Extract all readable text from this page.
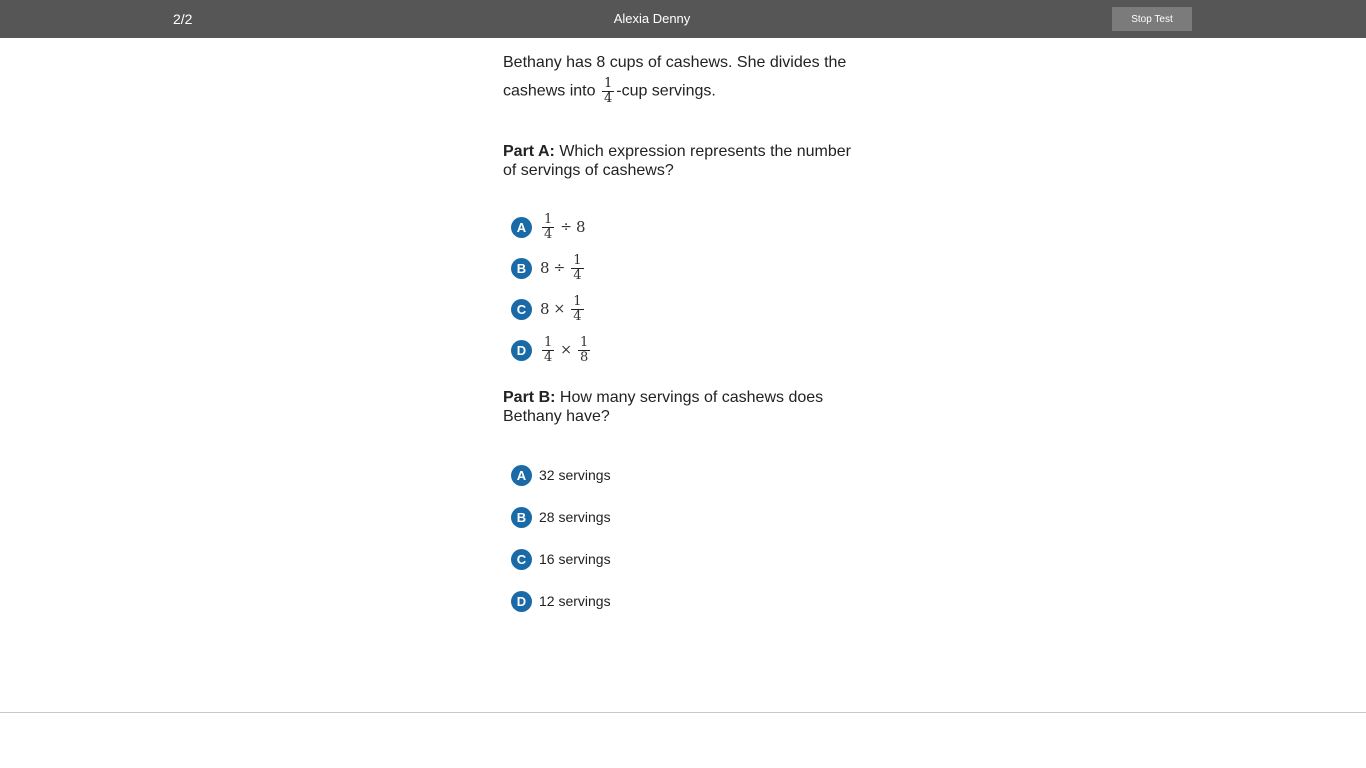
2/2	Alexia Denny	Stop Test

Bethany has 8 cups of cashews. She divides the cashews into $\frac{1}{4} -cup$ servings.

Part A: Which expression represents the number of servings of cashews?

A	$\frac{1}{4} \div 8$
B $8 \div \frac{1}{4}$
C $8 \times \frac{1}{4}$
D	$\frac{1}{4} \times \frac{1}{8}$

Part B: How many servings of cashews does Bethany have?

A 32 servings
B 28 servings
C 16 servings
D 12 servings
